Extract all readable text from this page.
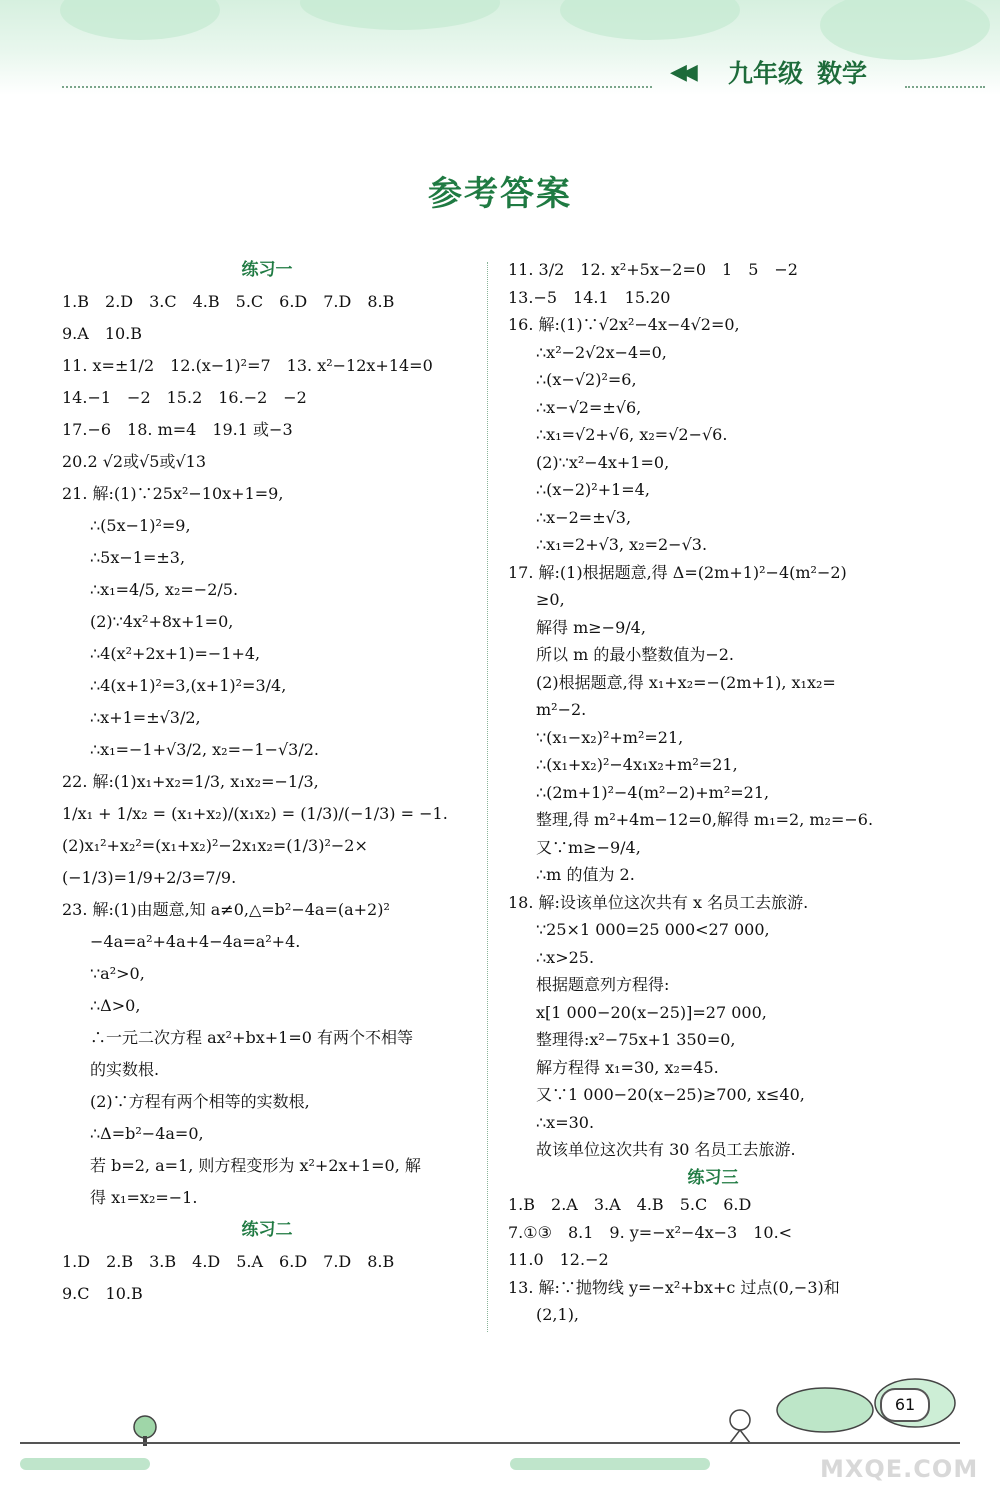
◀◀ 九年级 数学
参考答案
练习一
1.B　2.D　3.C　4.B　5.C　6.D　7.D　8.B
9.A　10.B
11. x=±1/2　12.(x−1)²=7　13. x²−12x+14=0
14.−1　−2　15.2　16.−2　−2
17.−6　18. m=4　19.1 或−3
20.2 √2或√5或√13
21. 解:(1)∵25x²−10x+1=9,
∴(5x−1)²=9,
∴5x−1=±3,
∴x₁=4/5, x₂=−2/5.
(2)∵4x²+8x+1=0,
∴4(x²+2x+1)=−1+4,
∴4(x+1)²=3,(x+1)²=3/4,
∴x+1=±√3/2,
∴x₁=−1+√3/2, x₂=−1−√3/2.
22. 解:(1)x₁+x₂=1/3, x₁x₂=−1/3,
1/x₁ + 1/x₂ = (x₁+x₂)/(x₁x₂) = (1/3)/(−1/3) = −1.
(2)x₁²+x₂²=(x₁+x₂)²−2x₁x₂=(1/3)²−2×
(−1/3)=1/9+2/3=7/9.
23. 解:(1)由题意,知 a≠0,△=b²−4a=(a+2)²
−4a=a²+4a+4−4a=a²+4.
∵a²>0,
∴Δ>0,
∴一元二次方程 ax²+bx+1=0 有两个不相等
的实数根.
(2)∵方程有两个相等的实数根,
∴Δ=b²−4a=0,
若 b=2, a=1, 则方程变形为 x²+2x+1=0, 解
得 x₁=x₂=−1.
练习二
1.D　2.B　3.B　4.D　5.A　6.D　7.D　8.B
9.C　10.B
11. 3/2　12. x²+5x−2=0　1　5　−2
13.−5　14.1　15.20
16. 解:(1)∵√2x²−4x−4√2=0,
∴x²−2√2x−4=0,
∴(x−√2)²=6,
∴x−√2=±√6,
∴x₁=√2+√6, x₂=√2−√6.
(2)∵x²−4x+1=0,
∴(x−2)²+1=4,
∴x−2=±√3,
∴x₁=2+√3, x₂=2−√3.
17. 解:(1)根据题意,得 Δ=(2m+1)²−4(m²−2)
≥0,
解得 m≥−9/4,
所以 m 的最小整数值为−2.
(2)根据题意,得 x₁+x₂=−(2m+1), x₁x₂=
m²−2.
∵(x₁−x₂)²+m²=21,
∴(x₁+x₂)²−4x₁x₂+m²=21,
∴(2m+1)²−4(m²−2)+m²=21,
整理,得 m²+4m−12=0,解得 m₁=2, m₂=−6.
又∵m≥−9/4,
∴m 的值为 2.
18. 解:设该单位这次共有 x 名员工去旅游.
∵25×1 000=25 000<27 000,
∴x>25.
根据题意列方程得:
x[1 000−20(x−25)]=27 000,
整理得:x²−75x+1 350=0,
解方程得 x₁=30, x₂=45.
又∵1 000−20(x−25)≥700, x≤40,
∴x=30.
故该单位这次共有 30 名员工去旅游.
练习三
1.B　2.A　3.A　4.B　5.C　6.D
7.①③　8.1　9. y=−x²−4x−3　10.<
11.0　12.−2
13. 解:∵抛物线 y=−x²+bx+c 过点(0,−3)和
(2,1),
61
MXQE.COM
